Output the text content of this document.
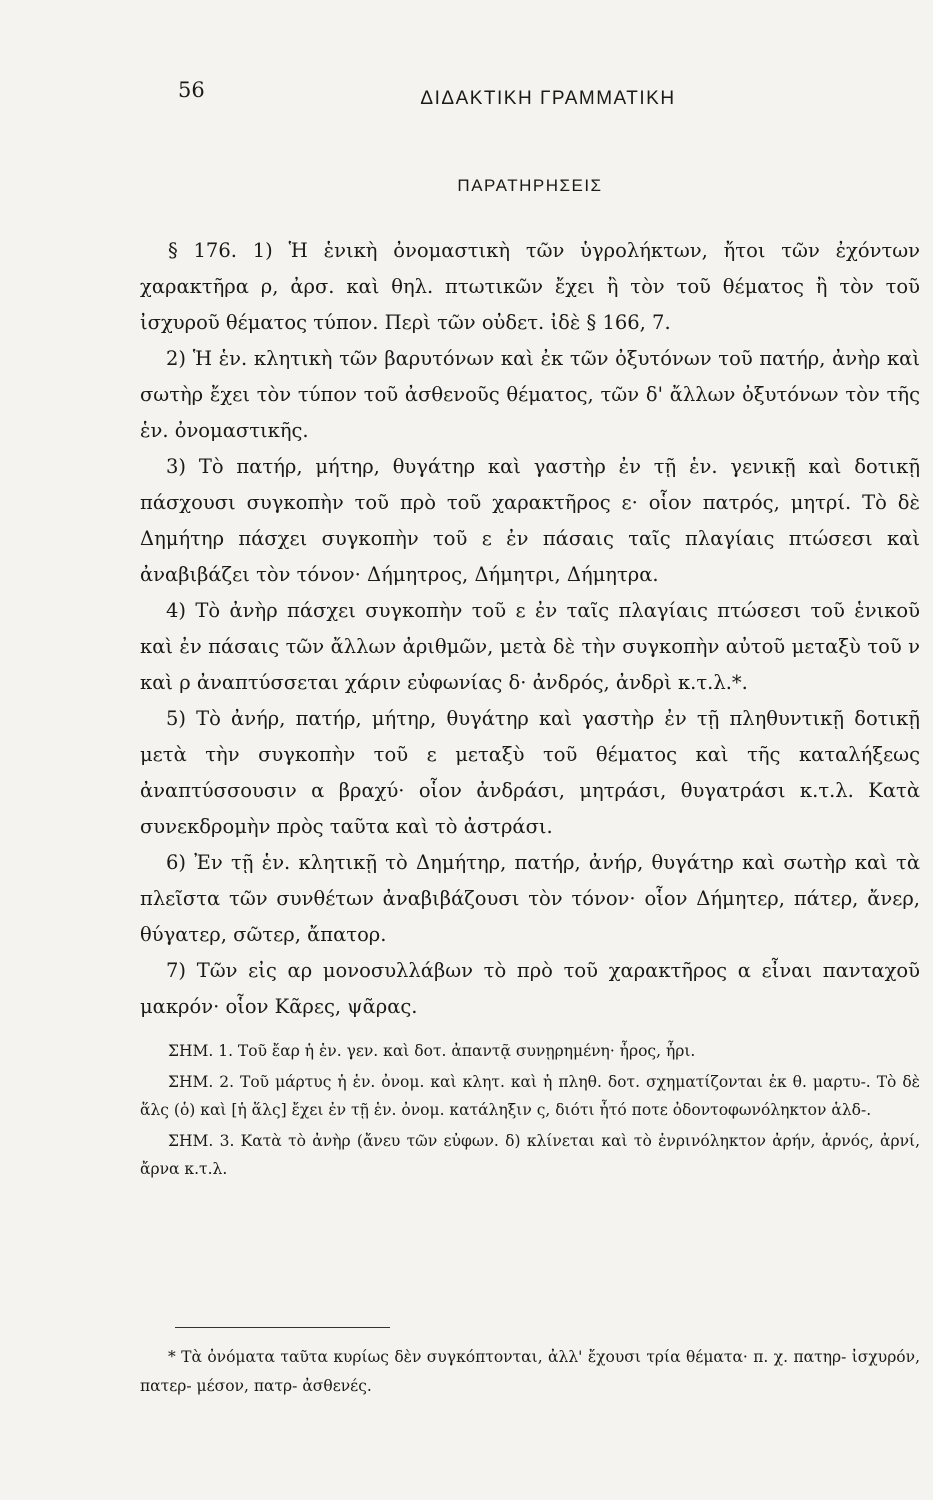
56	ΔΙΔΑΚΤΙΚΗ ΓΡΑΜΜΑΤΙΚΗ
ΠΑΡΑΤΗΡΗΣΕΙΣ

§ 176. 1) Ἡ ἑνικὴ ὀνομαστικὴ τῶν ὑγρολήκτων, ἤτοι τῶν ἐχόντων χαρακτῆρα ρ, ἀρσ. καὶ θηλ. πτωτικῶν ἔχει ἢ τὸν τοῦ θέματος ἢ τὸν τοῦ ἰσχυροῦ θέματος τύπον. Περὶ τῶν οὐδετ. ἰδὲ § 166, 7.

2) Ἡ ἑν. κλητικὴ τῶν βαρυτόνων καὶ ἐκ τῶν ὀξυτόνων τοῦ πατήρ, ἀνὴρ καὶ σωτὴρ ἔχει τὸν τύπον τοῦ ἀσθενοῦς θέματος, τῶν δ' ἄλλων ὀξυτόνων τὸν τῆς ἑν. ὀνομαστικῆς.

3) Τὸ πατήρ, μήτηρ, θυγάτηρ καὶ γαστὴρ ἐν τῇ ἑν. γενικῇ καὶ δοτικῇ πάσχουσι συγκοπὴν τοῦ πρὸ τοῦ χαρακτῆρος ε· οἷον πατρός, μητρί. Τὸ δὲ Δημήτηρ πάσχει συγκοπὴν τοῦ ε ἐν πάσαις ταῖς πλαγίαις πτώσεσι καὶ ἀναβιβάζει τὸν τόνον· Δήμητρος, Δήμητρι, Δήμητρα.

4) Τὸ ἀνὴρ πάσχει συγκοπὴν τοῦ ε ἐν ταῖς πλαγίαις πτώσεσι τοῦ ἑνικοῦ καὶ ἐν πάσαις τῶν ἄλλων ἀριθμῶν, μετὰ δὲ τὴν συγκοπὴν αὐτοῦ μεταξὺ τοῦ ν καὶ ρ ἀναπτύσσεται χάριν εὐφωνίας δ· ἀνδρός, ἀνδρὶ κ.τ.λ.*.

5) Τὸ ἀνήρ, πατήρ, μήτηρ, θυγάτηρ καὶ γαστὴρ ἐν τῇ πληθυντικῇ δοτικῇ μετὰ τὴν συγκοπὴν τοῦ ε μεταξὺ τοῦ θέματος καὶ τῆς καταλήξεως ἀναπτύσσουσιν α βραχύ· οἷον ἀνδράσι, μητράσι, θυγατράσι κ.τ.λ. Κατὰ συνεκδρομὴν πρὸς ταῦτα καὶ τὸ ἀστράσι.

6) Ἐν τῇ ἑν. κλητικῇ τὸ Δημήτηρ, πατήρ, ἀνήρ, θυγάτηρ καὶ σωτὴρ καὶ τὰ πλεῖστα τῶν συνθέτων ἀναβιβάζουσι τὸν τόνον· οἷον Δήμητερ, πάτερ, ἄνερ, θύγατερ, σῶτερ, ἄπατορ.

7) Τῶν εἰς αρ μονοσυλλάβων τὸ πρὸ τοῦ χαρακτῆρος α εἶναι πανταχοῦ μακρόν· οἷον Κᾶρες, ψᾶρας.

ΣΗΜ. 1. Τοῦ ἔαρ ἡ ἑν. γεν. καὶ δοτ. ἀπαντᾷ συνῃρημένη· ἦρος, ἦρι.

ΣΗΜ. 2. Τοῦ μάρτυς ἡ ἑν. ὀνομ. καὶ κλητ. καὶ ἡ πληθ. δοτ. σχηματίζονται ἐκ θ. μαρτυ-. Τὸ δὲ ἅλς (ὁ) καὶ [ἡ ἅλς] ἔχει ἐν τῇ ἑν. ὀνομ. κατάληξιν ς, διότι ἦτό ποτε ὀδοντοφωνόληκτον ἁλδ-.

ΣΗΜ. 3. Κατὰ τὸ ἀνὴρ (ἄνευ τῶν εὐφων. δ) κλίνεται καὶ τὸ ἐνρινόληκτον ἀρήν, ἀρνός, ἀρνί, ἄρνα κ.τ.λ.

* Τὰ ὀνόματα ταῦτα κυρίως δὲν συγκόπτονται, ἀλλ' ἔχουσι τρία θέματα· π. χ. πατηρ- ἰσχυρόν, πατερ- μέσον, πατρ- ἀσθενές.
